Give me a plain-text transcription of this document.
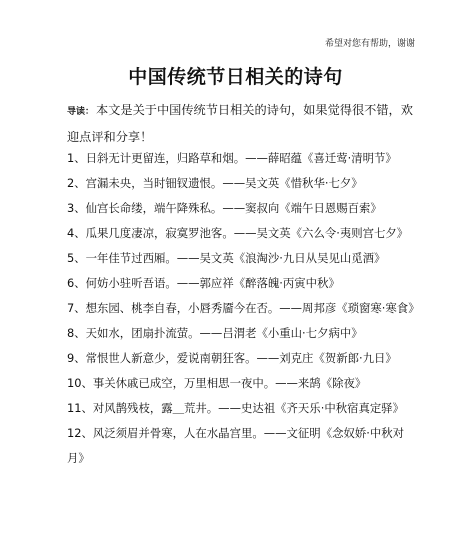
希望对您有帮助，谢谢
中国传统节日相关的诗句
导读： 本文是关于中国传统节日相关的诗句，如果觉得很不错，欢迎点评和分享！
1、日斜无计更留连，归路草和烟。——薛昭蕴《喜迁莺·清明节》
2、宫漏未央，当时钿钗遗恨。——吴文英《惜秋华·七夕》
3、仙宫长命缕，端午降殊私。——窦叔向《端午日恩赐百索》
4、瓜果几度凄凉，寂寞罗池客。——吴文英《六么令·夷则宫七夕》
5、一年佳节过西厢。——吴文英《浪淘沙·九日从吴见山觅酒》
6、何妨小驻听吾语。——郭应祥《醉落魄·丙寅中秋》
7、想东园、桃李自春，小唇秀靥今在否。——周邦彦《琐窗寒·寒食》
8、天如水，团扇扑流萤。——吕渭老《小重山·七夕病中》
9、常恨世人新意少，爱说南朝狂客。——刘克庄《贺新郎·九日》
10、事关休戚已成空，万里相思一夜中。——来鹄《除夜》
11、对风鹊残枝，露＿荒井。——史达祖《齐天乐·中秋宿真定驿》
12、风泛须眉并骨寒，人在水晶宫里。——文征明《念奴娇·中秋对月》
